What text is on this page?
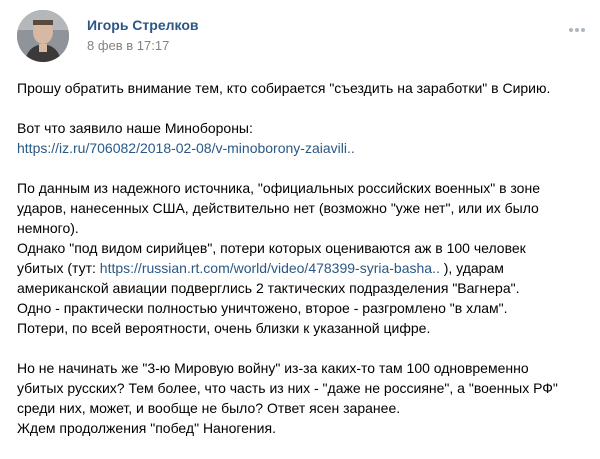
Игорь Стрелков
8 фев в 17:17

Прошу обратить внимание тем, кто собирается "съездить на заработки" в Сирию.

Вот что заявило наше Минобороны:

https://iz.ru/706082/2018-02-08/v-minoborony-zaiavili..

По данным из надежного источника, "официальных российских военных" в зоне

ударов, нанесенных США, действительно нет (возможно "уже нет", или их было

немного).

Однако "под видом сирийцев", потери которых оцениваются аж в 100 человек

убитых (тут: https://russian.rt.com/world/video/478399-syria-basha.. ), ударам

американской авиации подверглись 2 тактических подразделения "Вагнера".

Одно - практически полностью уничтожено, второе - разгромлено "в хлам".

Потери, по всей вероятности, очень близки к указанной цифре.

Но не начинать же "3-ю Мировую войну" из-за каких-то там 100 одновременно

убитых русских? Тем более, что часть из них - "даже не россияне", а "военных РФ"

среди них, может, и вообще не было? Ответ ясен заранее.

Ждем продолжения "побед" Наногения.
